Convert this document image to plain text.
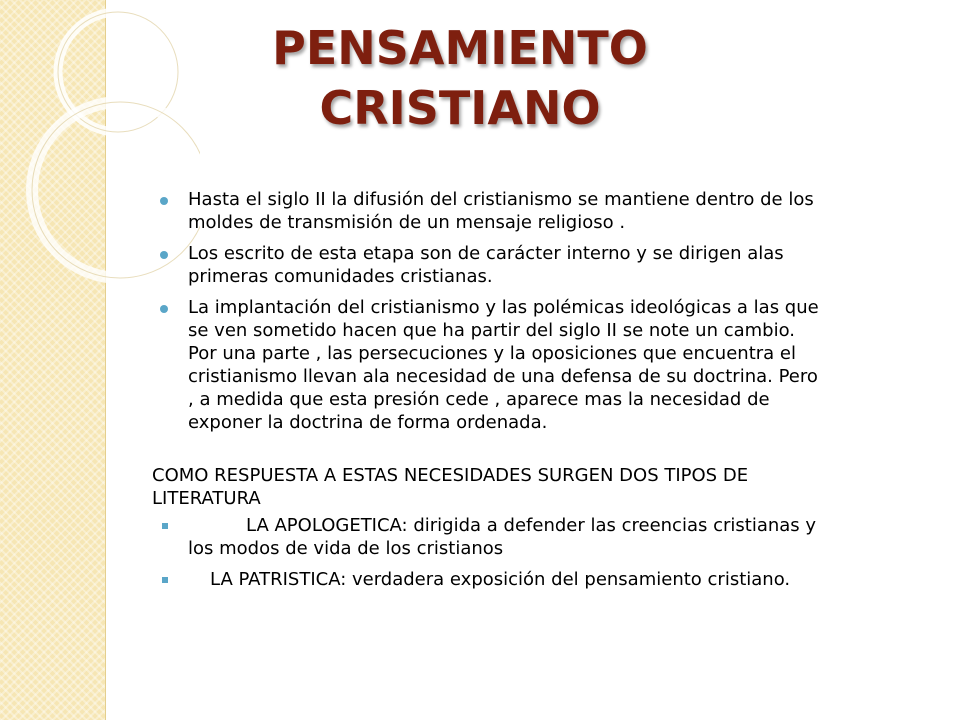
PENSAMIENTO
CRISTIANO
Hasta el siglo II la difusión del cristianismo se mantiene dentro de los moldes de transmisión de un mensaje religioso .
Los escrito de esta etapa son de carácter interno y se dirigen alas primeras comunidades cristianas.
La implantación del cristianismo y las polémicas ideológicas a las que se ven sometido hacen que ha partir del siglo II se note un cambio. Por una parte , las persecuciones y la oposiciones que encuentra el cristianismo llevan ala necesidad de una defensa de su doctrina. Pero , a medida que esta presión cede , aparece mas la necesidad de exponer la doctrina de forma ordenada.
COMO RESPUESTA A ESTAS NECESIDADES SURGEN DOS TIPOS DE LITERATURA
LA APOLOGETICA: dirigida a defender las creencias cristianas y los modos de vida de los cristianos
LA PATRISTICA: verdadera exposición del pensamiento cristiano.
